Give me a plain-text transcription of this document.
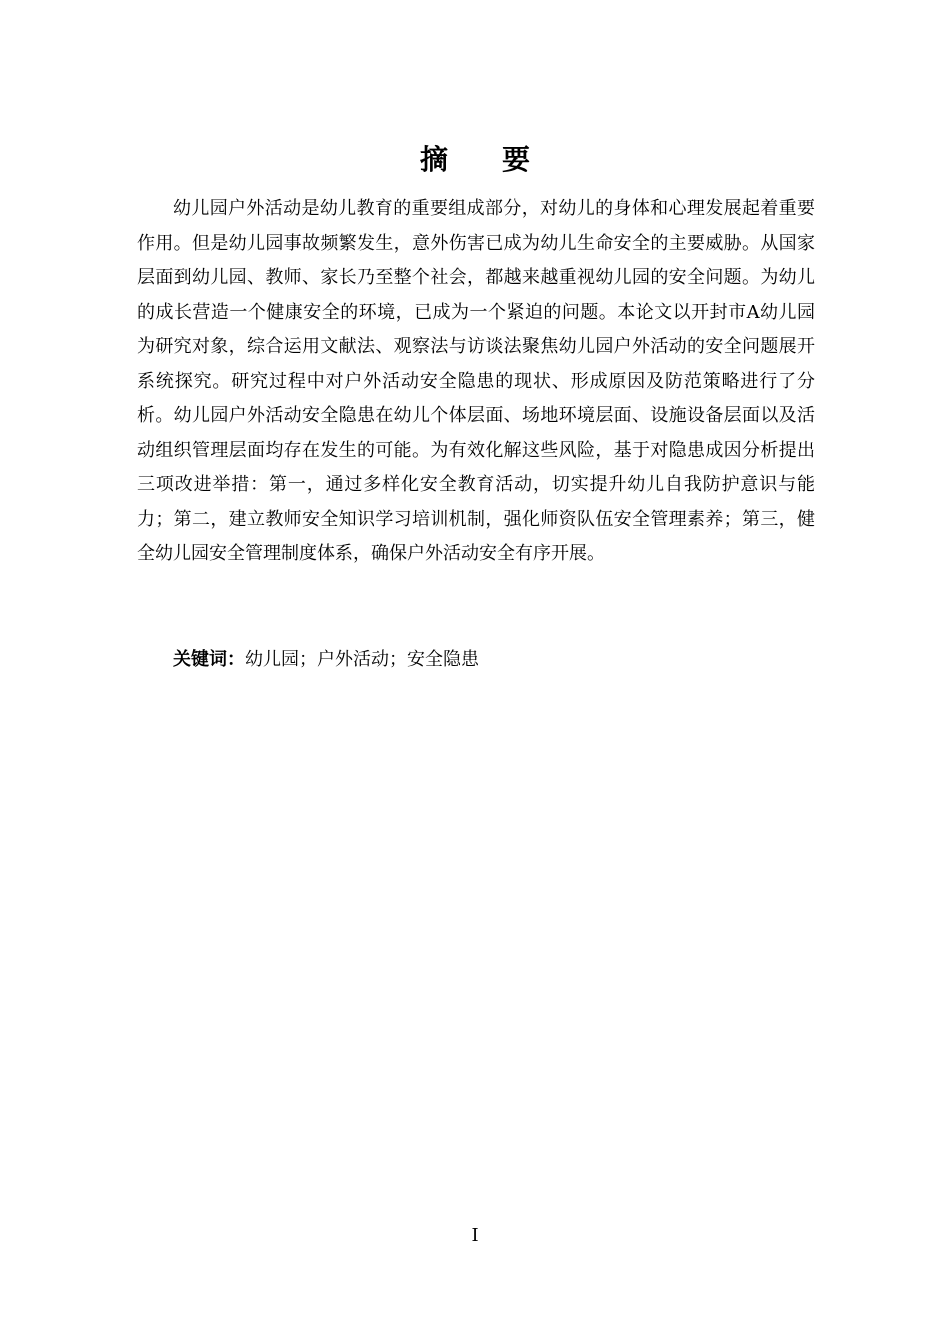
摘要

幼儿园户外活动是幼儿教育的重要组成部分，对幼儿的身体和心理发展起着重要作用。但是幼儿园事故频繁发生，意外伤害已成为幼儿生命安全的主要威胁。从国家层面到幼儿园、教师、家长乃至整个社会，都越来越重视幼儿园的安全问题。为幼儿的成长营造一个健康安全的环境，已成为一个紧迫的问题。本论文以开封市A幼儿园为研究对象，综合运用文献法、观察法与访谈法聚焦幼儿园户外活动的安全问题展开系统探究。研究过程中对户外活动安全隐患的现状、形成原因及防范策略进行了分析。幼儿园户外活动安全隐患在幼儿个体层面、场地环境层面、设施设备层面以及活动组织管理层面均存在发生的可能。为有效化解这些风险，基于对隐患成因分析提出三项改进举措：第一，通过多样化安全教育活动，切实提升幼儿自我防护意识与能力；第二，建立教师安全知识学习培训机制，强化师资队伍安全管理素养；第三，健全幼儿园安全管理制度体系，确保户外活动安全有序开展。

关键词：幼儿园；户外活动；安全隐患

I
